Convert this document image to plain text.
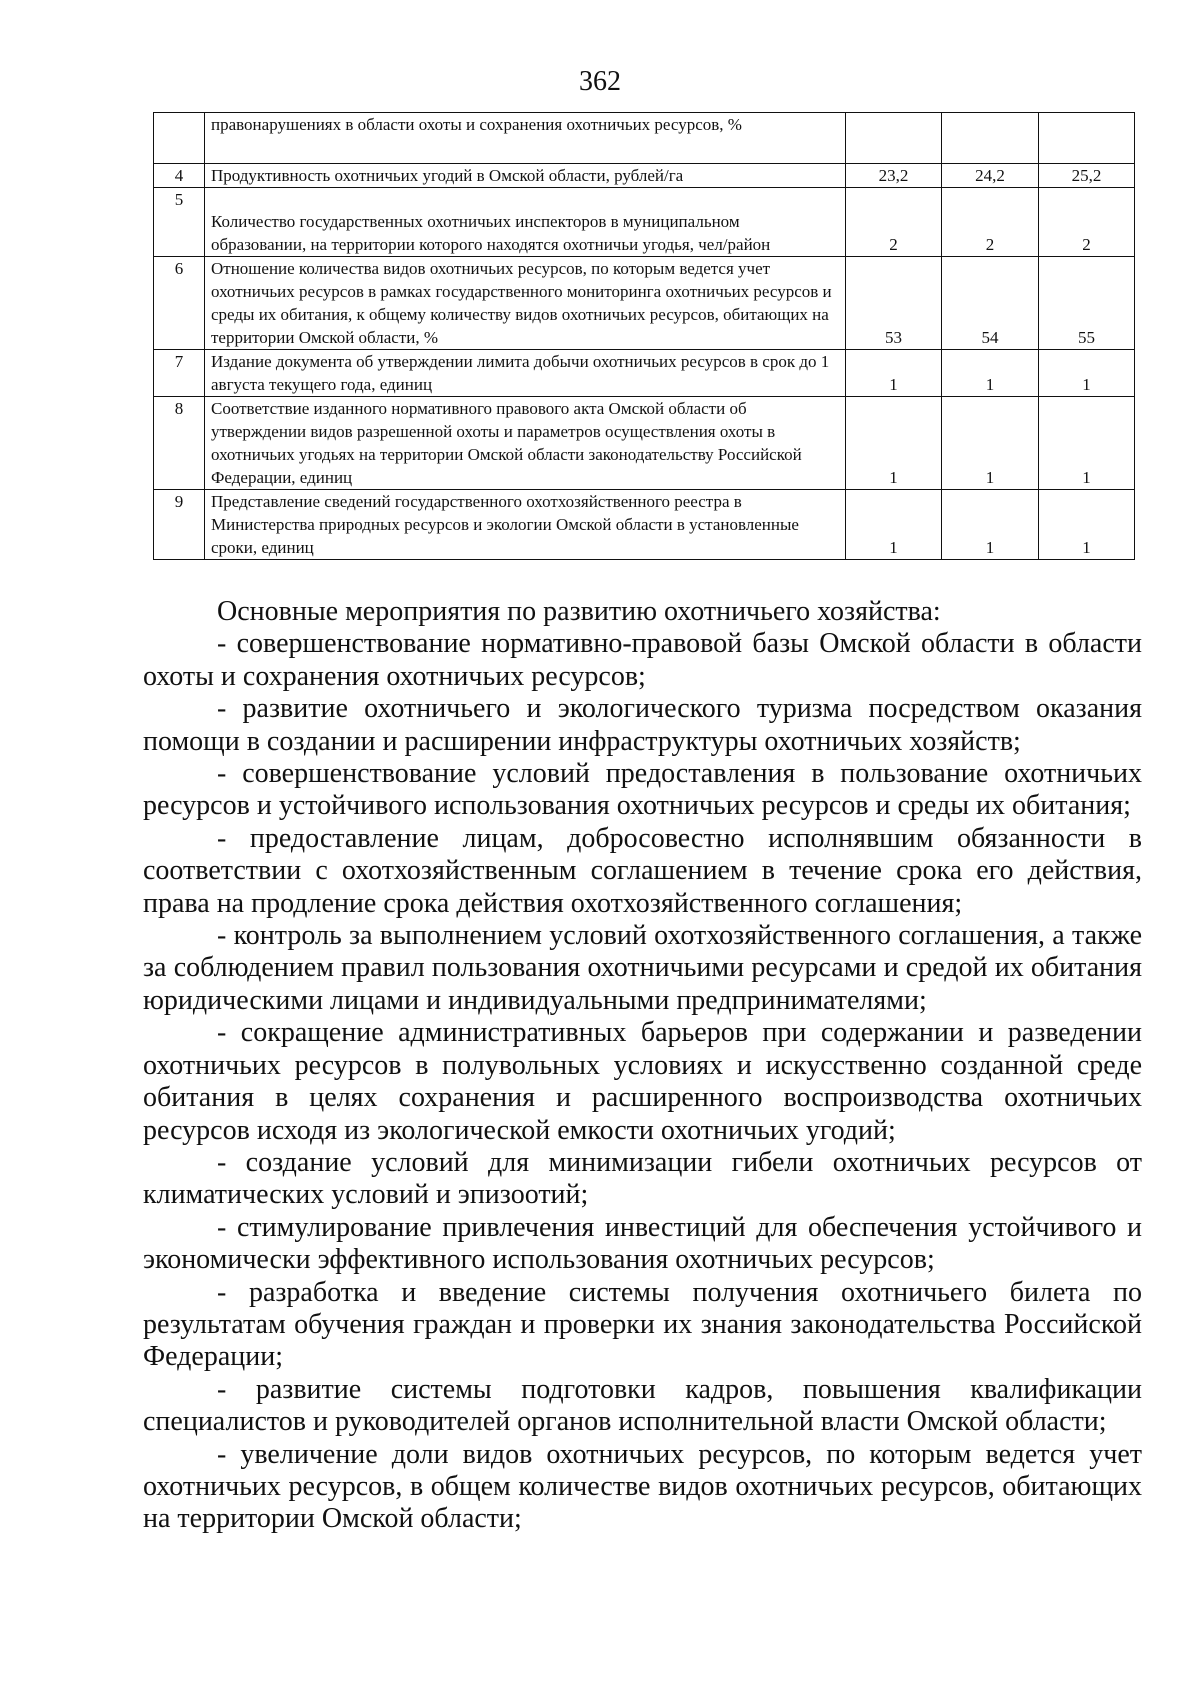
362
	правонарушениях в области охоты и сохранения охотничьих ресурсов, %			
4	Продуктивность охотничьих угодий в Омской области, рублей/га	23,2	24,2	25,2
5	Количество государственных охотничьих инспекторов в муниципальном образовании, на территории которого находятся охотничьи угодья, чел/район	2	2	2
6	Отношение количества видов охотничьих ресурсов, по которым ведется учет охотничьих ресурсов в рамках государственного мониторинга охотничьих ресурсов и среды их обитания, к общему количеству видов охотничьих ресурсов, обитающих на территории Омской области, %	53	54	55
7	Издание документа об утверждении лимита добычи охотничьих ресурсов в срок до 1 августа текущего года, единиц	1	1	1
8	Соответствие изданного нормативного правового акта Омской области об утверждении видов разрешенной охоты и параметров осуществления охоты в охотничьих угодьях на территории Омской области законодательству Российской Федерации, единиц	1	1	1
9	Представление сведений государственного охотхозяйственного реестра в Министерства природных ресурсов и экологии Омской области в установленные сроки, единиц	1	1	1

Основные мероприятия по развитию охотничьего хозяйства:

- совершенствование нормативно-правовой базы Омской области в области охоты и сохранения охотничьих ресурсов;

- развитие охотничьего и экологического туризма посредством оказания помощи в создании и расширении инфраструктуры охотничьих хозяйств;

- совершенствование условий предоставления в пользование охотничьих ресурсов и устойчивого использования охотничьих ресурсов и среды их обитания;

- предоставление лицам, добросовестно исполнявшим обязанности в соответствии с охотхозяйственным соглашением в течение срока его действия, права на продление срока действия охотхозяйственного соглашения;

- контроль за выполнением условий охотхозяйственного соглашения, а также за соблюдением правил пользования охотничьими ресурсами и средой их обитания юридическими лицами и индивидуальными предпринимателями;

- сокращение административных барьеров при содержании и разведении охотничьих ресурсов в полувольных условиях и искусственно созданной среде обитания в целях сохранения и расширенного воспроизводства охотничьих ресурсов исходя из экологической емкости охотничьих угодий;

- создание условий для минимизации гибели охотничьих ресурсов от климатических условий и эпизоотий;

- стимулирование привлечения инвестиций для обеспечения устойчивого и экономически эффективного использования охотничьих ресурсов;

- разработка и введение системы получения охотничьего билета по результатам обучения граждан и проверки их знания законодательства Российской Федерации;

- развитие системы подготовки кадров, повышения квалификации специалистов и руководителей органов исполнительной власти Омской области;

- увеличение доли видов охотничьих ресурсов, по которым ведется учет охотничьих ресурсов, в общем количестве видов охотничьих ресурсов, обитающих на территории Омской области;
